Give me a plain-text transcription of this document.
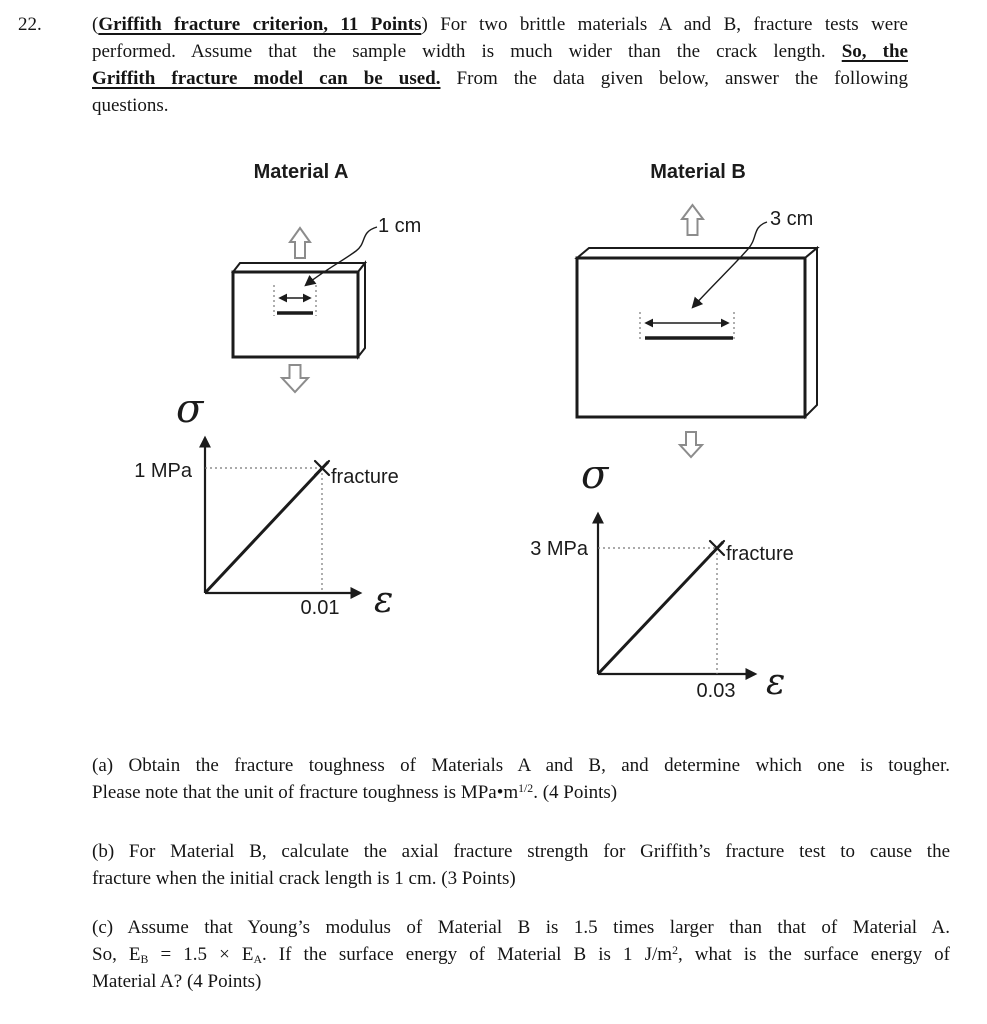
22.	(Griffith fracture criterion, 11 Points) For two brittle materials A and B, fracture tests were
performed. Assume that the sample width is much wider than the crack length. So, the
Griffith fracture model can be used. From the data given below, answer the following
questions.
Material A
1 cm
σ
1 MPa	fracture
0.01 ε
Material B
3 cm
σ
3 MPa	fracture
0.03 ε
(a) Obtain the fracture toughness of Materials A and B, and determine which one is tougher.
Please note that the unit of fracture toughness is $MPa•m^{1/2}$. (4 Points)
(b) For Material B, calculate the axial fracture strength for Griffith’s fracture test to cause the
fracture when the initial crack length is 1 cm. (3 Points)
(c) Assume that Young’s modulus of Material B is 1.5 times larger than that of Material A.
So, EB = 1.5 × EA. If the surface energy of Material B is 1 $J/m^2$, what is the surface energy of
Material A? (4 Points)
